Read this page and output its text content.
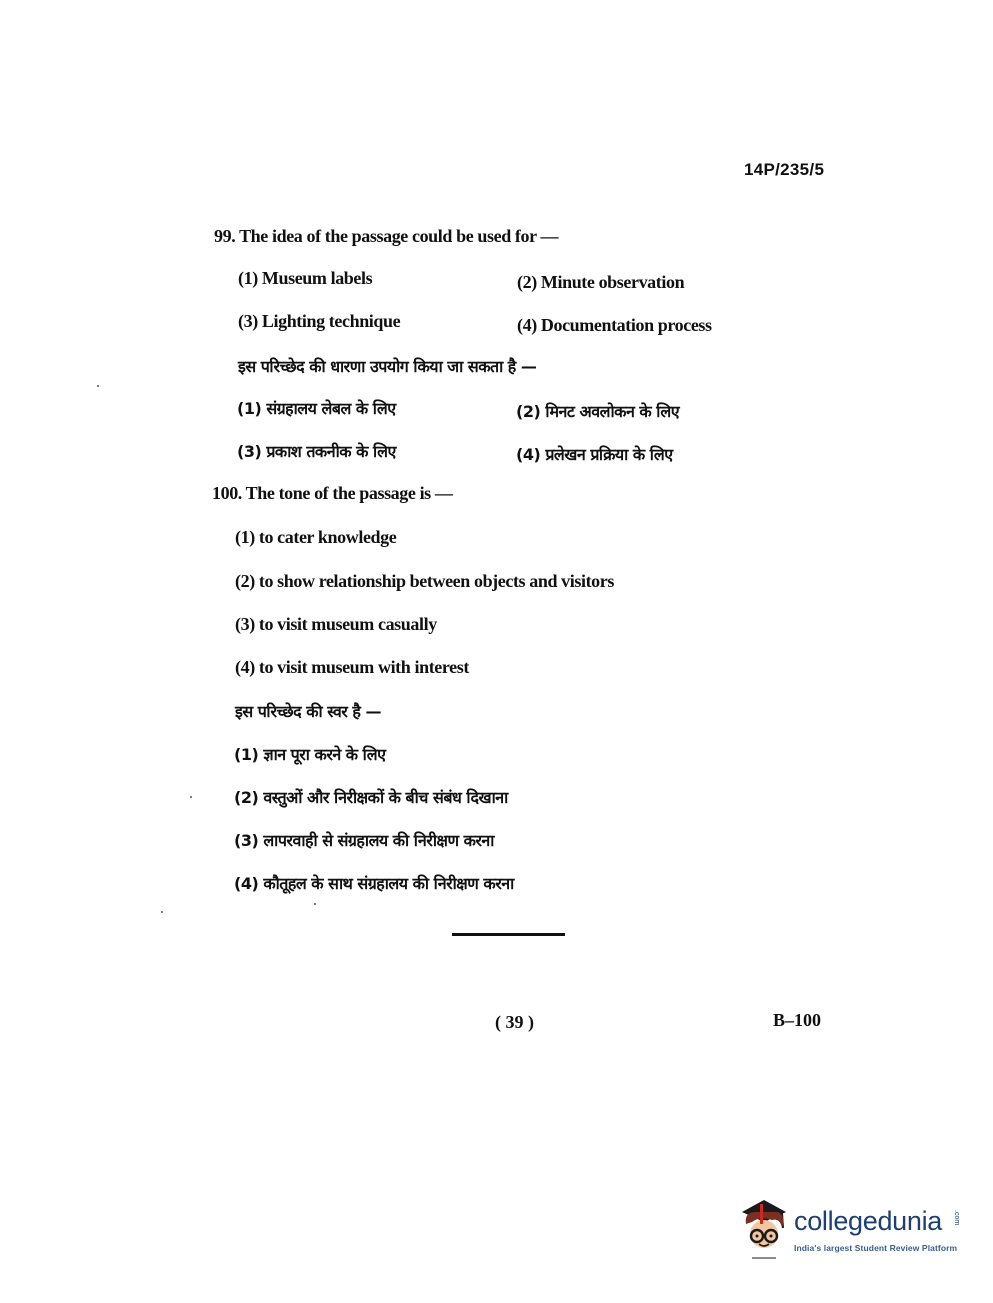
14P/235/5
99. The idea of the passage could be used for —
(1) Museum labels	(2) Minute observation
(3) Lighting technique	(4) Documentation process
इस परिच्छेद की धारणा उपयोग किया जा सकता है —
(1) संग्रहालय लेबल के लिए	(2) मिनट अवलोकन के लिए
(3) प्रकाश तकनीक के लिए	(4) प्रलेखन प्रक्रिया के लिए
100. The tone of the passage is —
(1) to cater knowledge
(2) to show relationship between objects and visitors
(3) to visit museum casually
(4) to visit museum with interest
इस परिच्छेद की स्वर है —
(1) ज्ञान पूरा करने के लिए
(2) वस्तुओं और निरीक्षकों के बीच संबंध दिखाना
(3) लापरवाही से संग्रहालय की निरीक्षण करना
(4) कौतूहल के साथ संग्रहालय की निरीक्षण करना
( 39 )	B–100
collegedunia .com
India's largest Student Review Platform
